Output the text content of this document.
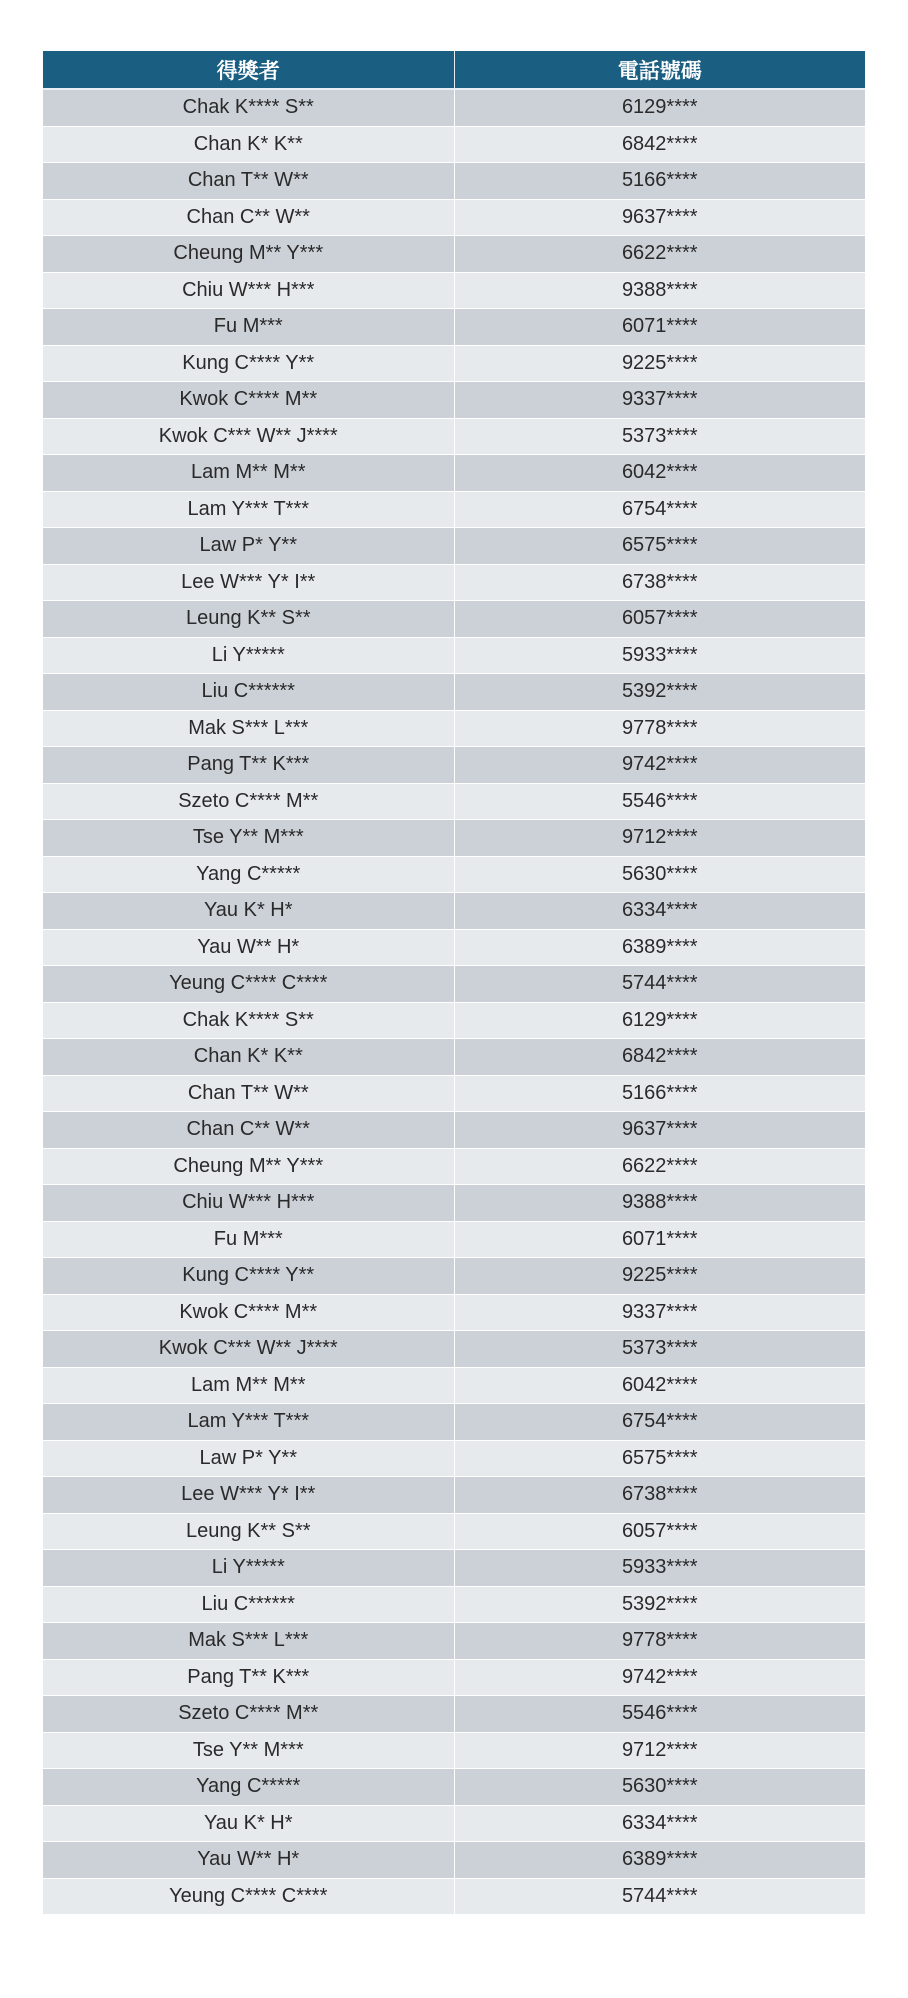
得獎者	電話號碼
Chak K**** S**	6129****
Chan K* K**	6842****
Chan T** W**	5166****
Chan C** W**	9637****
Cheung M** Y***	6622****
Chiu W*** H***	9388****
Fu M***	6071****
Kung C**** Y**	9225****
Kwok C**** M**	9337****
Kwok C*** W** J****	5373****
Lam M** M**	6042****
Lam Y*** T***	6754****
Law P* Y**	6575****
Lee W*** Y* I**	6738****
Leung K** S**	6057****
Li Y*****	5933****
Liu C******	5392****
Mak S*** L***	9778****
Pang T** K***	9742****
Szeto C**** M**	5546****
Tse Y** M***	9712****
Yang C*****	5630****
Yau K* H*	6334****
Yau W** H*	6389****
Yeung C**** C****	5744****
Chak K**** S**	6129****
Chan K* K**	6842****
Chan T** W**	5166****
Chan C** W**	9637****
Cheung M** Y***	6622****
Chiu W*** H***	9388****
Fu M***	6071****
Kung C**** Y**	9225****
Kwok C**** M**	9337****
Kwok C*** W** J****	5373****
Lam M** M**	6042****
Lam Y*** T***	6754****
Law P* Y**	6575****
Lee W*** Y* I**	6738****
Leung K** S**	6057****
Li Y*****	5933****
Liu C******	5392****
Mak S*** L***	9778****
Pang T** K***	9742****
Szeto C**** M**	5546****
Tse Y** M***	9712****
Yang C*****	5630****
Yau K* H*	6334****
Yau W** H*	6389****
Yeung C**** C****	5744****
